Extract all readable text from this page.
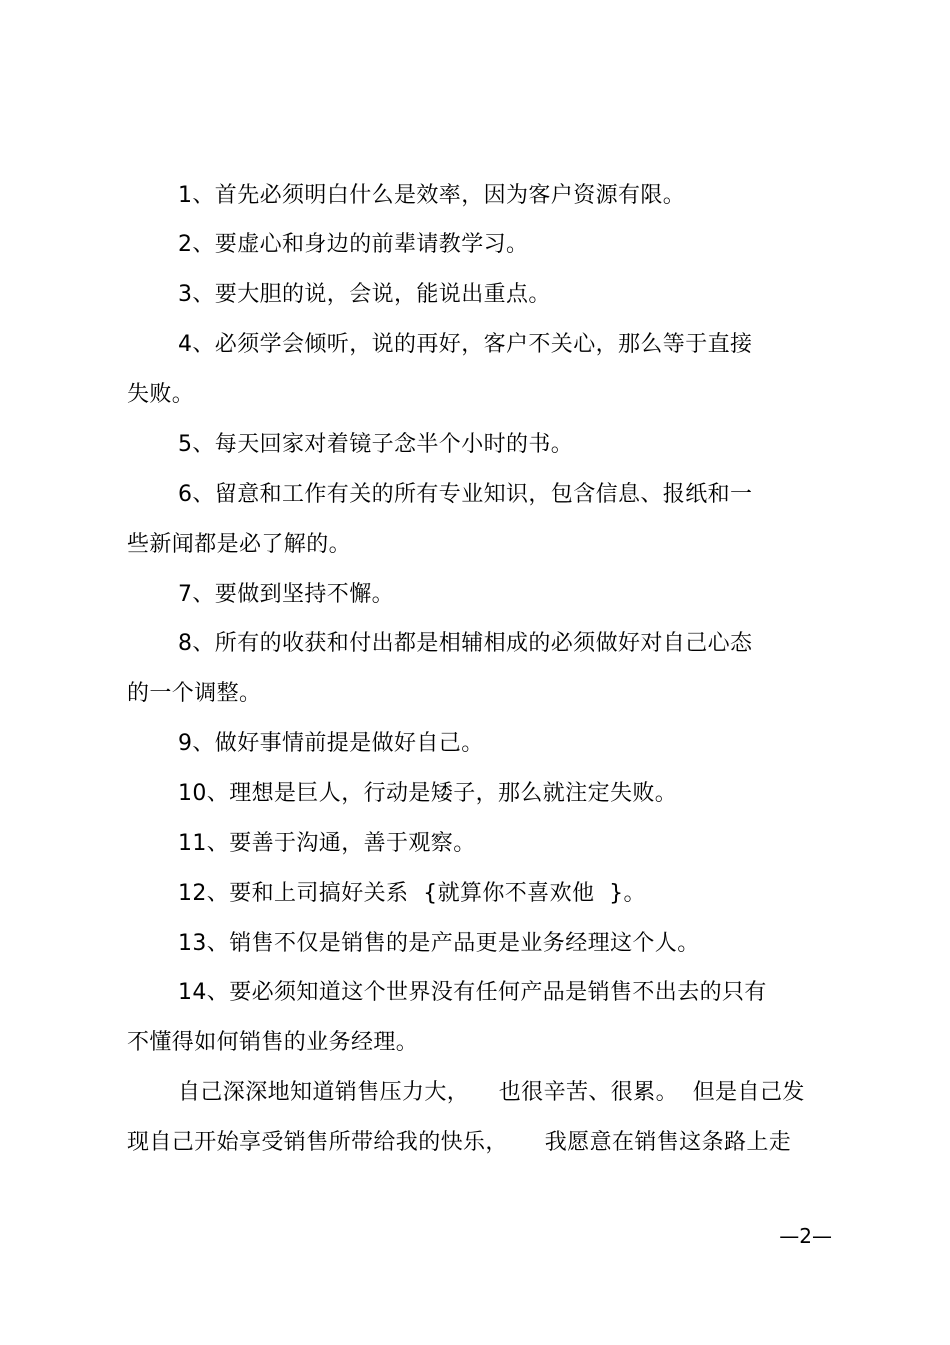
1、首先必须明白什么是效率，因为客户资源有限。
2、要虚心和身边的前辈请教学习。
3、要大胆的说，会说，能说出重点。
4、必须学会倾听，说的再好，客户不关心，那么等于直接
失败。
5、每天回家对着镜子念半个小时的书。
6、留意和工作有关的所有专业知识，包含信息、报纸和一
些新闻都是必了解的。
7、要做到坚持不懈。
8、所有的收获和付出都是相辅相成的必须做好对自己心态
的一个调整。
9、做好事情前提是做好自己。
10、理想是巨人，行动是矮子，那么就注定失败。
11、要善于沟通，善于观察。
12、要和上司搞好关系  {就算你不喜欢他  }。
13、销售不仅是销售的是产品更是业务经理这个人。
14、要必须知道这个世界没有任何产品是销售不出去的只有
不懂得如何销售的业务经理。
自己深深地知道销售压力大，    也很辛苦、很累。  但是自己发
现自己开始享受销售所带给我的快乐，     我愿意在销售这条路上走
—2—
